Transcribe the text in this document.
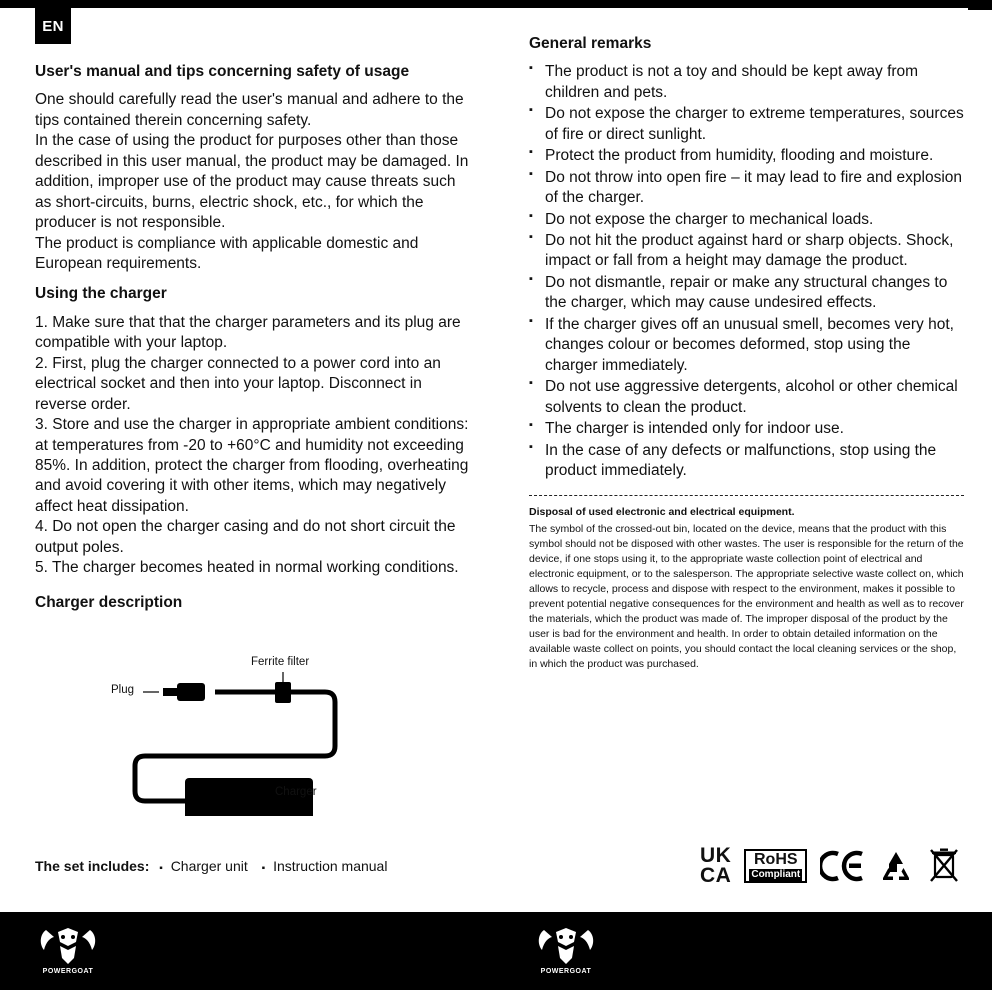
EN
User's manual and tips concerning safety of usage

One should carefully read the user's manual and adhere to the tips contained therein concerning safety.

In the case of using the product for purposes other than those described in this user manual, the product may be damaged. In addition, improper use of the product may cause threats such as short-circuits, burns, electric shock, etc., for which the producer is not responsible.

The product is compliance with applicable domestic and European requirements.

Using the charger

1. Make sure that that the charger parameters and its plug are compatible with your laptop.

2. First, plug the charger connected to a power cord into an electrical socket and then into your laptop. Disconnect in reverse order.

3. Store and use the charger in appropriate ambient conditions: at temperatures from -20 to +60°C and humidity not exceeding 85%. In addition, protect the charger from flooding, overheating and avoid covering it with other items, which may negatively affect heat dissipation.

4. Do not open the charger casing and do not short circuit the output poles.

5. The charger becomes heated in normal working conditions.

Charger description
Ferrite filter
Plug
Charger
The set includes: ▪ Charger unit ▪ Instruction manual
General remarks
▪ The product is not a toy and should be kept away from children and pets.
▪ Do not expose the charger to extreme temperatures, sources of fire or direct sunlight.
▪ Protect the product from humidity, flooding and moisture.
▪ Do not throw into open fire – it may lead to fire and explosion of the charger.
▪ Do not expose the charger to mechanical loads.
▪ Do not hit the product against hard or sharp objects. Shock, impact or fall from a height may damage the product.
▪ Do not dismantle, repair or make any structural changes to the charger, which may cause undesired effects.
▪ If the charger gives off an unusual smell, becomes very hot, changes colour or becomes deformed, stop using the charger immediately.
▪ Do not use aggressive detergents, alcohol or other chemical solvents to clean the product.
▪ The charger is intended only for indoor use.
▪ In the case of any defects or malfunctions, stop using the product immediately.

Disposal of used electronic and electrical equipment.

The symbol of the crossed-out bin, located on the device, means that the product with this symbol should not be disposed with other wastes. The user is responsible for the return of the device, if one stops using it, to the appropriate waste collection point of electrical and electronic equipment, or to the salesperson. The appropriate selective waste collect on, which allows to recycle, process and dispose with respect to the environment, makes it possible to prevent potential negative consequences for the environment and health as well as to recover the materials, which the product was made of. The improper disposal of the product by the user is bad for the environment and health. In order to obtain detailed information on the available waste collect on points, you should contact the local cleaning services or the shop, in which the product was purchased.

UK
CA
RoHS
Compliant
POWERGOAT	POWERGOAT
